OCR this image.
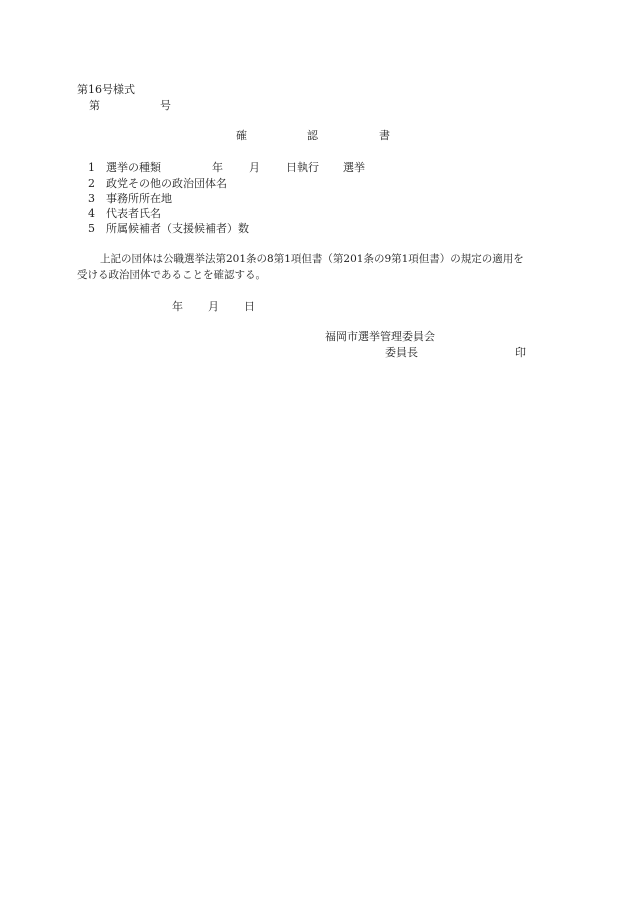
第16号様式
第	号
確	認	書
1 選挙の種類	年 月 日執行 選挙
2 政党その他の政治団体名
3 事務所所在地
4 代表者氏名
5 所属候補者（支援候補者）数
上記の団体は公職選挙法第201条の8第1項但書（第201条の9第1項但書）の規定の適用を
受ける政治団体であることを確認する。
年 月 日
福岡市選挙管理委員会
委員長	印
